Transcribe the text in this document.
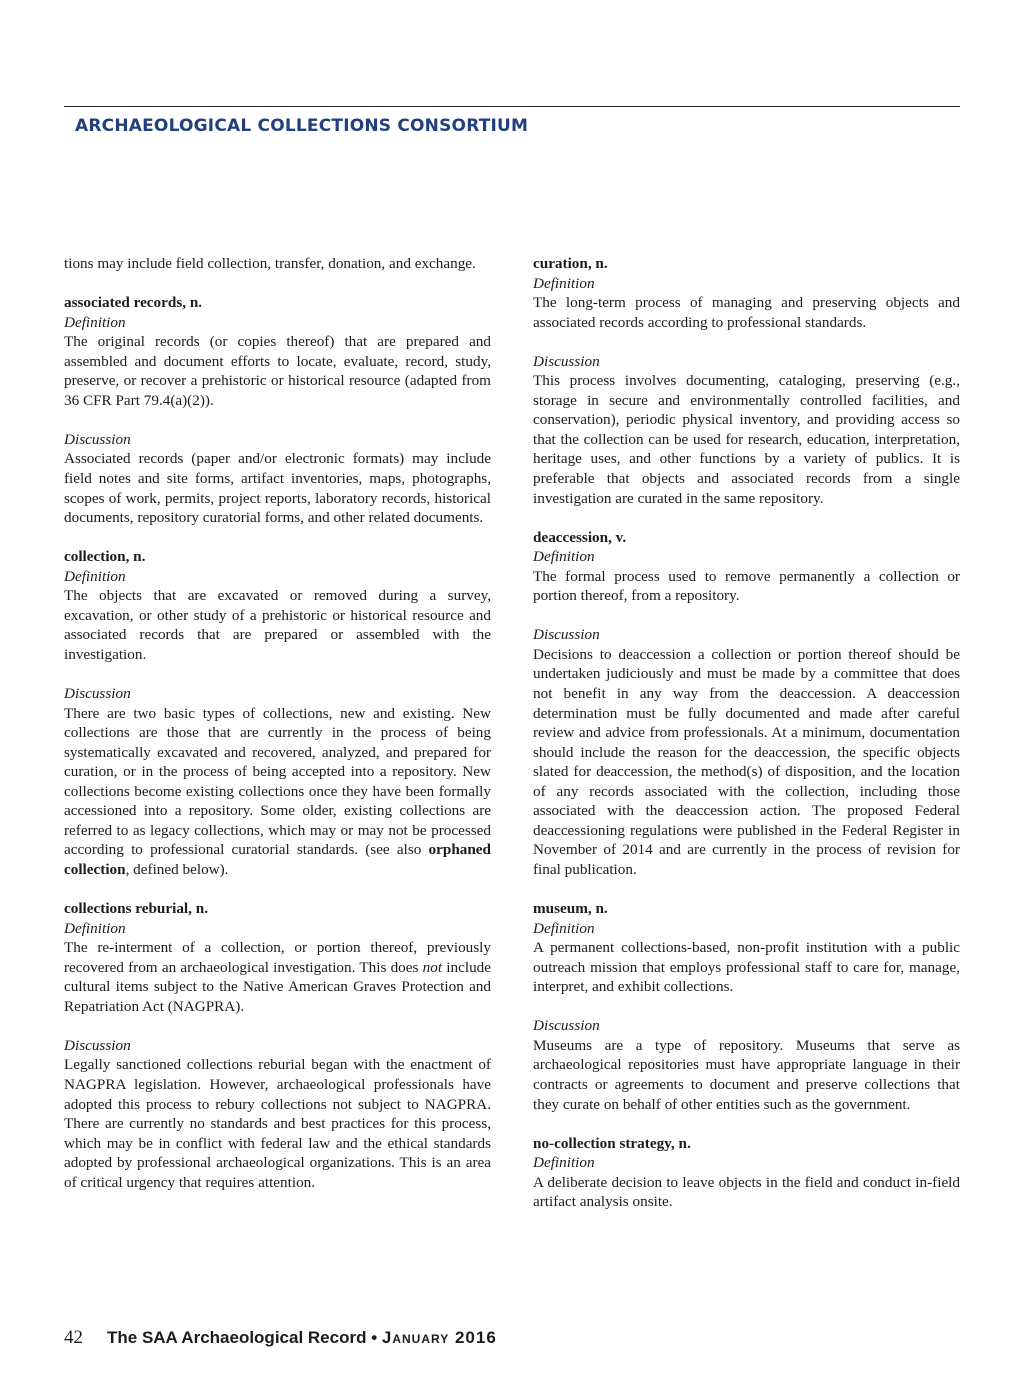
ARCHAEOLOGICAL COLLECTIONS CONSORTIUM

tions may include field collection, transfer, donation, and exchange.

associated records, n.

Definition

The original records (or copies thereof) that are prepared and assembled and document efforts to locate, evaluate, record, study, preserve, or recover a prehistoric or historical resource (adapted from 36 CFR Part 79.4(a)(2)).

Discussion

Associated records (paper and/or electronic formats) may include field notes and site forms, artifact inventories, maps, photographs, scopes of work, permits, project reports, laboratory records, historical documents, repository curatorial forms, and other related documents.

collection, n.

Definition

The objects that are excavated or removed during a survey, excavation, or other study of a prehistoric or historical resource and associated records that are prepared or assembled with the investigation.

Discussion

There are two basic types of collections, new and existing. New collections are those that are currently in the process of being systematically excavated and recovered, analyzed, and prepared for curation, or in the process of being accepted into a repository. New collections become existing collections once they have been formally accessioned into a repository. Some older, existing collections are referred to as legacy collections, which may or may not be processed according to professional curatorial standards. (see also orphaned collection, defined below).

collections reburial, n.

Definition

The re-interment of a collection, or portion thereof, previously recovered from an archaeological investigation. This does not include cultural items subject to the Native American Graves Protection and Repatriation Act (NAGPRA).

Discussion

Legally sanctioned collections reburial began with the enactment of NAGPRA legislation. However, archaeological professionals have adopted this process to rebury collections not subject to NAGPRA. There are currently no standards and best practices for this process, which may be in conflict with federal law and the ethical standards adopted by professional archaeological organizations. This is an area of critical urgency that requires attention.

curation, n.

Definition

The long-term process of managing and preserving objects and associated records according to professional standards.

Discussion

This process involves documenting, cataloging, preserving (e.g., storage in secure and environmentally controlled facilities, and conservation), periodic physical inventory, and providing access so that the collection can be used for research, education, interpretation, heritage uses, and other functions by a variety of publics. It is preferable that objects and associated records from a single investigation are curated in the same repository.

deaccession, v.

Definition

The formal process used to remove permanently a collection or portion thereof, from a repository.

Discussion

Decisions to deaccession a collection or portion thereof should be undertaken judiciously and must be made by a committee that does not benefit in any way from the deaccession. A deaccession determination must be fully documented and made after careful review and advice from professionals. At a minimum, documentation should include the reason for the deaccession, the specific objects slated for deaccession, the method(s) of disposition, and the location of any records associated with the collection, including those associated with the deaccession action. The proposed Federal deaccessioning regulations were published in the Federal Register in November of 2014 and are currently in the process of revision for final publication.

museum, n.

Definition

A permanent collections-based, non-profit institution with a public outreach mission that employs professional staff to care for, manage, interpret, and exhibit collections.

Discussion

Museums are a type of repository. Museums that serve as archaeological repositories must have appropriate language in their contracts or agreements to document and preserve collections that they curate on behalf of other entities such as the government.

no-collection strategy, n.

Definition

A deliberate decision to leave objects in the field and conduct in-field artifact analysis onsite.

42 The SAA Archaeological Record • January 2016
